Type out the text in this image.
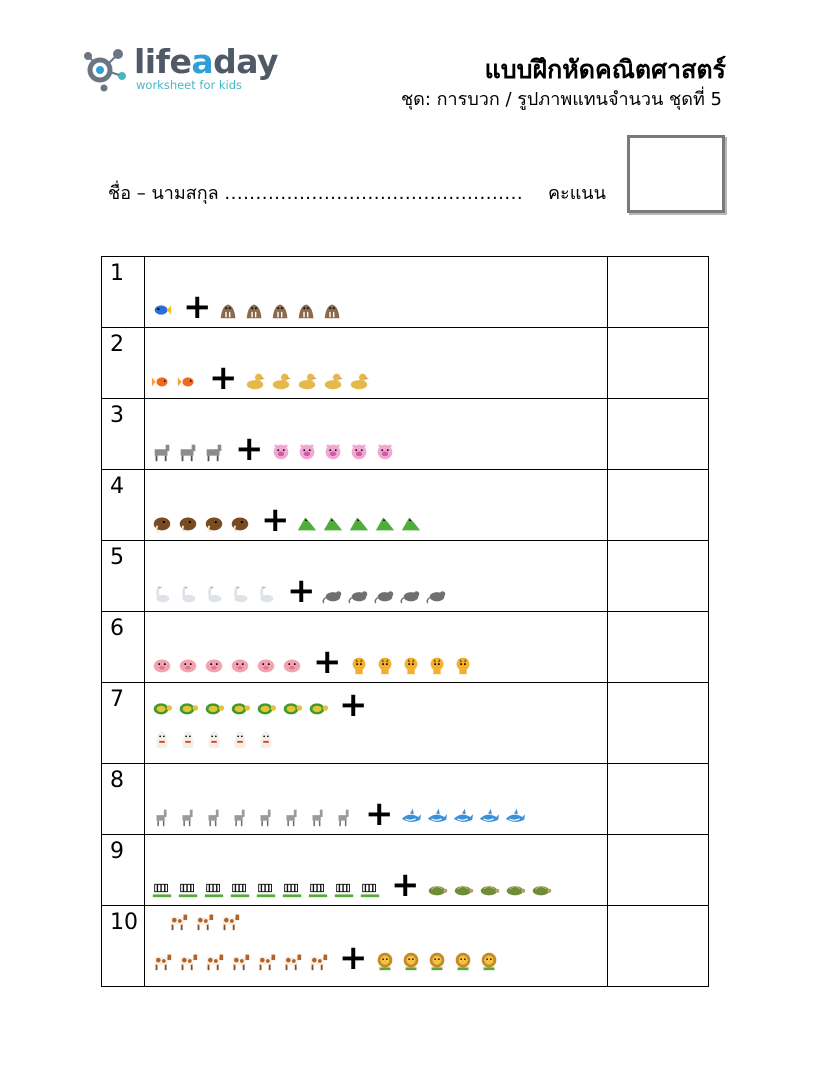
lifeaday
worksheet for kids
แบบฝึกหัดคณิตศาสตร์
ชุด: การบวก / รูปภาพแทนจำนวน ชุดที่ 5
ชื่อ – นามสกุล ................................................ คะแนน
1	+	

2	+	

3	+	

4	+	

5	+	

6	+	

7	+	

8	+	

9	+	

10	+	
